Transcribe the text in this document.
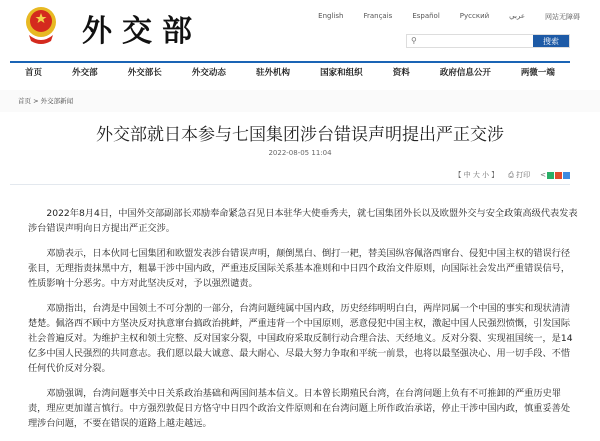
外交部	English	Français	Español	Русский	عربي	网站无障碍
⚲	搜索
首页	外交部	外交部长	外交动态	驻外机构	国家和组织	资料	政府信息公开	两微一端
首页 > 外交部新闻
外交部就日本参与七国集团涉台错误声明提出严正交涉
2022-08-05 11:04
【 中 大 小 】 ⎙ 打印 <

2022年8月4日，中国外交部副部长邓励奉命紧急召见日本驻华大使垂秀夫，就七国集团外长以及欧盟外交与安全政策高级代表发表涉台错误声明向日方提出严正交涉。

邓励表示，日本伙同七国集团和欧盟发表涉台错误声明，颠倒黑白、倒打一耙，替美国纵容佩洛西窜台、侵犯中国主权的错误行径张目，无理指责抹黑中方，粗暴干涉中国内政，严重违反国际关系基本准则和中日四个政治文件原则，向国际社会发出严重错误信号，性质影响十分恶劣。中方对此坚决反对，予以强烈谴责。

邓励指出，台湾是中国领土不可分割的一部分，台湾问题纯属中国内政，历史经纬明明白白，两岸同属一个中国的事实和现状清清楚楚。佩洛西不顾中方坚决反对执意窜台搞政治挑衅，严重违背一个中国原则，恶意侵犯中国主权，激起中国人民强烈愤慨，引发国际社会普遍反对。为维护主权和领土完整、反对国家分裂，中国政府采取反制行动合理合法、天经地义。反对分裂、实现祖国统一，是14亿多中国人民强烈的共同意志。我们愿以最大诚意、最大耐心、尽最大努力争取和平统一前景，也将以最坚强决心、用一切手段、不惜任何代价反对分裂。

邓励强调，台湾问题事关中日关系政治基础和两国间基本信义。日本曾长期殖民台湾，在台湾问题上负有不可推卸的严重历史罪责，理应更加谨言慎行。中方强烈敦促日方恪守中日四个政治文件原则和在台湾问题上所作政治承诺，停止干涉中国内政，慎重妥善处理涉台问题，不要在错误的道路上越走越远。
